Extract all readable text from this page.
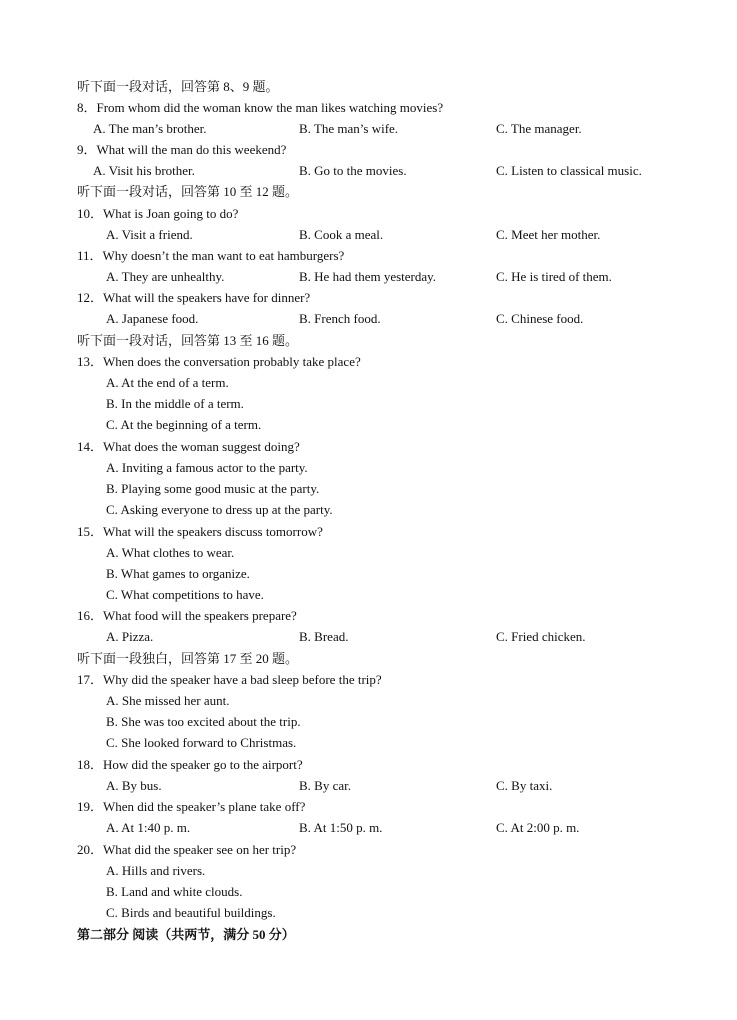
听下面一段对话，回答第 8、9 题。
8．From whom did the woman know the man likes watching movies?
A. The man’s brother.	B. The man’s wife.	C. The manager.
9．What will the man do this weekend?
A. Visit his brother.	B. Go to the movies.	C. Listen to classical music.
听下面一段对话，回答第 10 至 12 题。
10．What is Joan going to do?
A. Visit a friend.	B. Cook a meal.	C. Meet her mother.
11．Why doesn’t the man want to eat hamburgers?
A. They are unhealthy.	B. He had them yesterday.	C. He is tired of them.
12．What will the speakers have for dinner?
A. Japanese food.	B. French food.	C. Chinese food.
听下面一段对话，回答第 13 至 16 题。
13．When does the conversation probably take place?
A. At the end of a term.
B. In the middle of a term.
C. At the beginning of a term.
14．What does the woman suggest doing?
A. Inviting a famous actor to the party.
B. Playing some good music at the party.
C. Asking everyone to dress up at the party.
15．What will the speakers discuss tomorrow?
A. What clothes to wear.
B. What games to organize.
C. What competitions to have.
16．What food will the speakers prepare?
A. Pizza.	B. Bread.	C. Fried chicken.
听下面一段独白，回答第 17 至 20 题。
17．Why did the speaker have a bad sleep before the trip?
A. She missed her aunt.
B. She was too excited about the trip.
C. She looked forward to Christmas.
18．How did the speaker go to the airport?
A. By bus.	B. By car.	C. By taxi.
19．When did the speaker’s plane take off?
A. At 1:40 p. m.	B. At 1:50 p. m.	C. At 2:00 p. m.
20．What did the speaker see on her trip?
A. Hills and rivers.
B. Land and white clouds.
C. Birds and beautiful buildings.
第二部分 阅读（共两节，满分 50 分）
